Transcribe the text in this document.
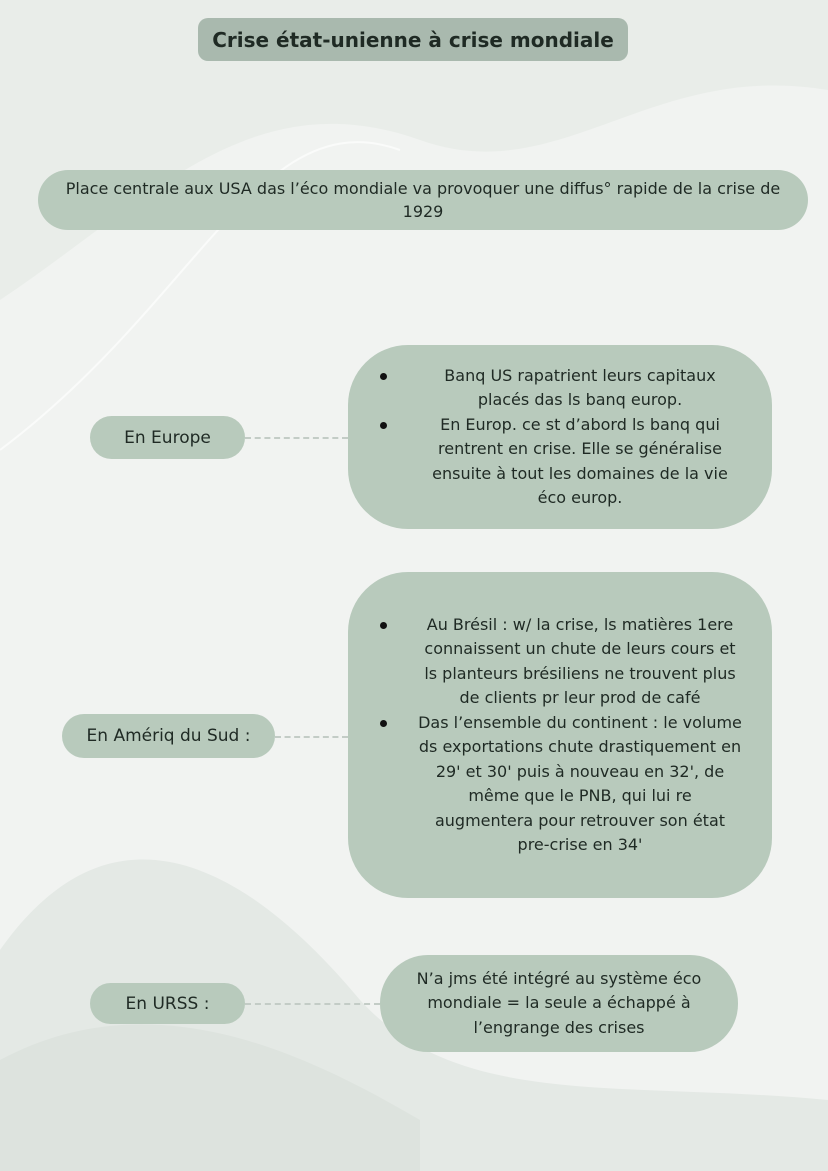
Crise état-unienne à crise mondiale
Place centrale aux USA das l’éco mondiale va provoquer une diffus° rapide de la crise de 1929
En Europe
Banq US rapatrient leurs capitaux placés das ls banq europ.
En Europ. ce st d’abord ls banq qui rentrent en crise. Elle se généralise ensuite à tout les domaines de la vie éco europ.
En Amériq du Sud :
Au Brésil : w/ la crise, ls matières 1ere connaissent un chute de leurs cours et ls planteurs brésiliens ne trouvent plus de clients pr leur prod de café
Das l’ensemble du continent : le volume ds exportations chute drastiquement en 29' et 30' puis à nouveau en 32', de même que le PNB, qui lui re augmentera pour retrouver son état pre-crise en 34'
En URSS :
N’a jms été intégré au système éco mondiale = la seule a échappé à l’engrange des crises
